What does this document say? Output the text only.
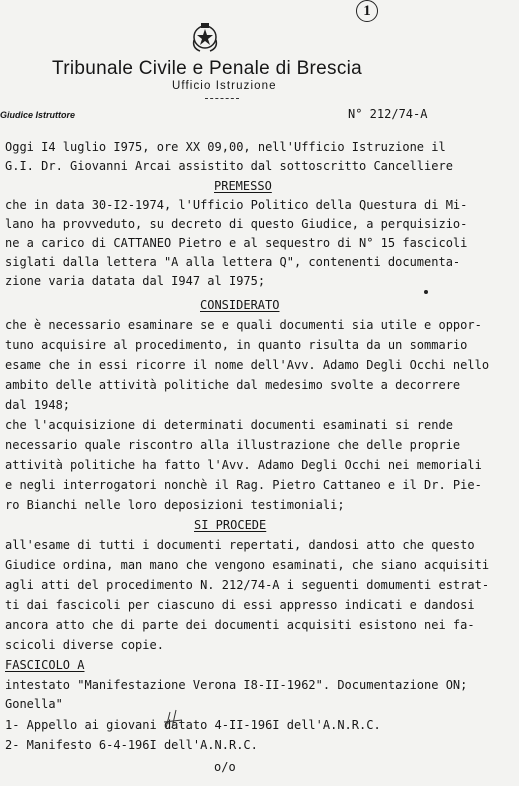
1
Tribunale Civile e Penale di Brescia
Ufficio Istruzione
Giudice Istruttore	N° 212/74-A
Oggi I4 luglio I975, ore XX 09,00, nell'Ufficio Istruzione il
G.I. Dr. Giovanni Arcai assistito dal sottoscritto Cancelliere
PREMESSO
che in data 30-I2-1974, l'Ufficio Politico della Questura di Mi-
lano ha provveduto, su decreto di questo Giudice, a perquisizio-
ne a carico di CATTANEO Pietro e al sequestro di N° 15 fascicoli
siglati dalla lettera "A alla lettera Q", contenenti documenta-
zione varia datata dal I947 al I975;
CONSIDERATO
che è necessario esaminare se e quali documenti sia utile e oppor-
tuno acquisire al procedimento, in quanto risulta da un sommario
esame che in essi ricorre il nome dell'Avv. Adamo Degli Occhi nello
ambito delle attività politiche dal medesimo svolte a decorrere
dal 1948;
che l'acquisizione di determinati documenti esaminati si rende
necessario quale riscontro alla illustrazione che delle proprie
attività politiche ha fatto l'Avv. Adamo Degli Occhi nei memoriali
e negli interrogatori nonchè il Rag. Pietro Cattaneo e il Dr. Pie-
ro Bianchi nelle loro deposizioni testimoniali;
SI PROCEDE
all'esame di tutti i documenti repertati, dandosi atto che questo
Giudice ordina, man mano che vengono esaminati, che siano acquisiti
agli atti del procedimento N. 212/74-A i seguenti domumenti estrat-
ti dai fascicoli per ciascuno di essi appresso indicati e dandosi
ancora atto che di parte dei documenti acquisiti esistono nei fa-
scicoli diverse copie.
FASCICOLO A
intestato "Manifestazione Verona I8-II-1962". Documentazione ON;
Gonella"
1- Appello ai giovani datato 4-II-196I dell'A.N.R.C.
2- Manifesto 6-4-196I dell'A.N.R.C.
o/o
